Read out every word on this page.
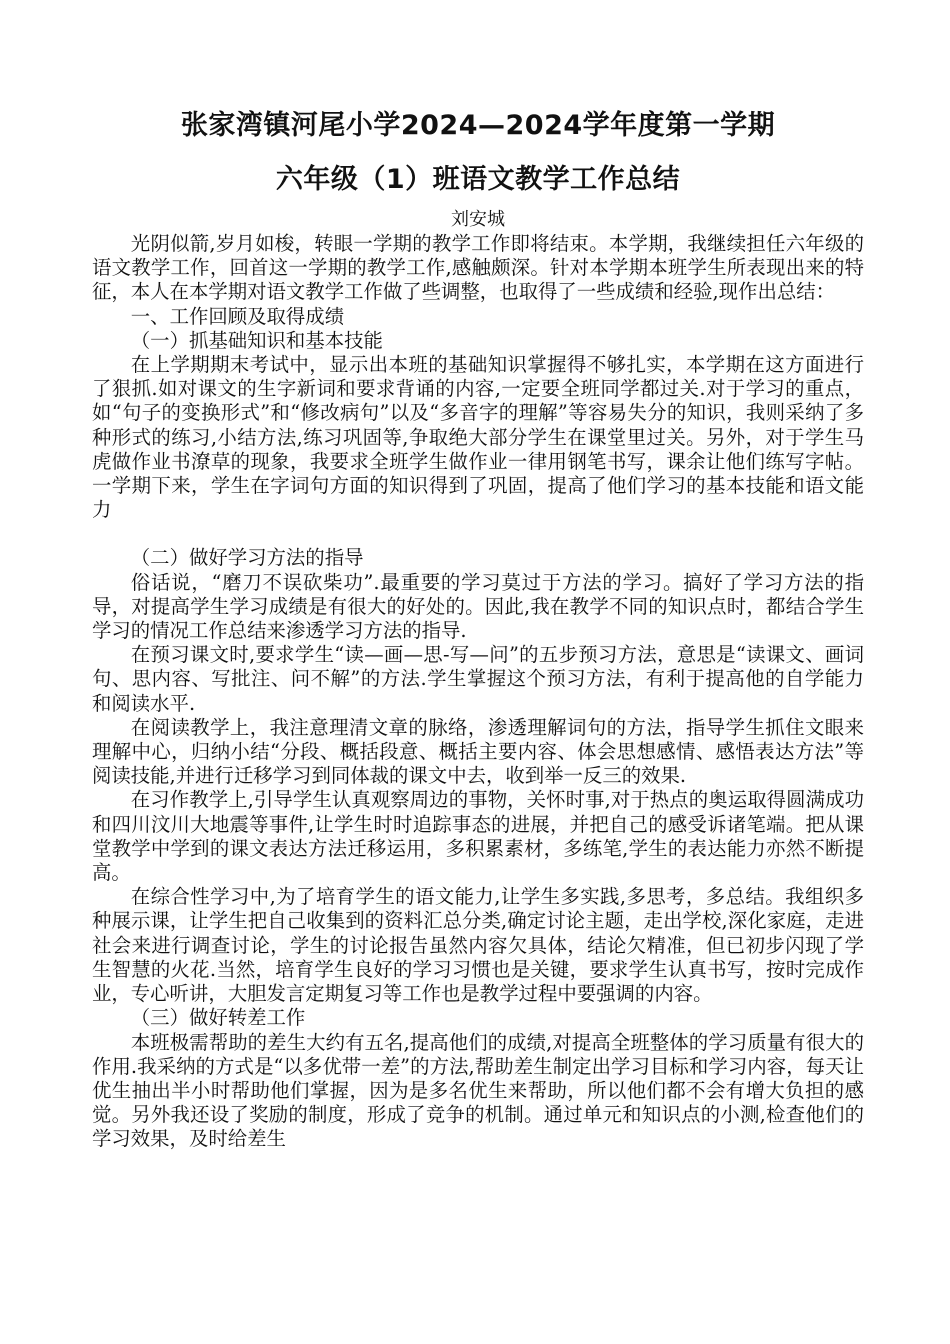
张家湾镇河尾小学2024—2024学年度第一学期
六年级（1）班语文教学工作总结
刘安城

光阴似箭,岁月如梭，转眼一学期的教学工作即将结束。本学期，我继续担任六年级的语文教学工作，回首这一学期的教学工作,感触颇深。针对本学期本班学生所表现出来的特征，本人在本学期对语文教学工作做了些调整，也取得了一些成绩和经验,现作出总结：

一、工作回顾及取得成绩

（一）抓基础知识和基本技能

在上学期期末考试中，显示出本班的基础知识掌握得不够扎实，本学期在这方面进行了狠抓.如对课文的生字新词和要求背诵的内容,一定要全班同学都过关.对于学习的重点，如“句子的变换形式”和“修改病句”以及“多音字的理解”等容易失分的知识，我则采纳了多种形式的练习,小结方法,练习巩固等,争取绝大部分学生在课堂里过关。另外，对于学生马虎做作业书潦草的现象，我要求全班学生做作业一律用钢笔书写，课余让他们练写字帖。一学期下来，学生在字词句方面的知识得到了巩固，提高了他们学习的基本技能和语文能力

（二）做好学习方法的指导

俗话说，“磨刀不误砍柴功”.最重要的学习莫过于方法的学习。搞好了学习方法的指导，对提高学生学习成绩是有很大的好处的。因此,我在教学不同的知识点时，都结合学生学习的情况工作总结来渗透学习方法的指导.

在预习课文时,要求学生“读—画—思-写—问”的五步预习方法，意思是“读课文、画词句、思内容、写批注、问不解”的方法.学生掌握这个预习方法，有利于提高他的自学能力和阅读水平.

在阅读教学上，我注意理清文章的脉络，渗透理解词句的方法，指导学生抓住文眼来理解中心，归纳小结“分段、概括段意、概括主要内容、体会思想感情、感悟表达方法”等阅读技能,并进行迁移学习到同体裁的课文中去，收到举一反三的效果.

在习作教学上,引导学生认真观察周边的事物，关怀时事,对于热点的奥运取得圆满成功和四川汶川大地震等事件,让学生时时追踪事态的进展，并把自己的感受诉诸笔端。把从课堂教学中学到的课文表达方法迁移运用，多积累素材，多练笔,学生的表达能力亦然不断提高。

在综合性学习中,为了培育学生的语文能力,让学生多实践,多思考，多总结。我组织多种展示课，让学生把自己收集到的资料汇总分类,确定讨论主题，走出学校,深化家庭，走进社会来进行调查讨论，学生的讨论报告虽然内容欠具体，结论欠精准，但已初步闪现了学生智慧的火花.当然，培育学生良好的学习习惯也是关键，要求学生认真书写，按时完成作业，专心听讲，大胆发言定期复习等工作也是教学过程中要强调的内容。

（三）做好转差工作

本班极需帮助的差生大约有五名,提高他们的成绩,对提高全班整体的学习质量有很大的作用.我采纳的方式是“以多优带一差”的方法,帮助差生制定出学习目标和学习内容，每天让优生抽出半小时帮助他们掌握，因为是多名优生来帮助，所以他们都不会有增大负担的感觉。另外我还设了奖励的制度，形成了竞争的机制。通过单元和知识点的小测,检查他们的学习效果，及时给差生
